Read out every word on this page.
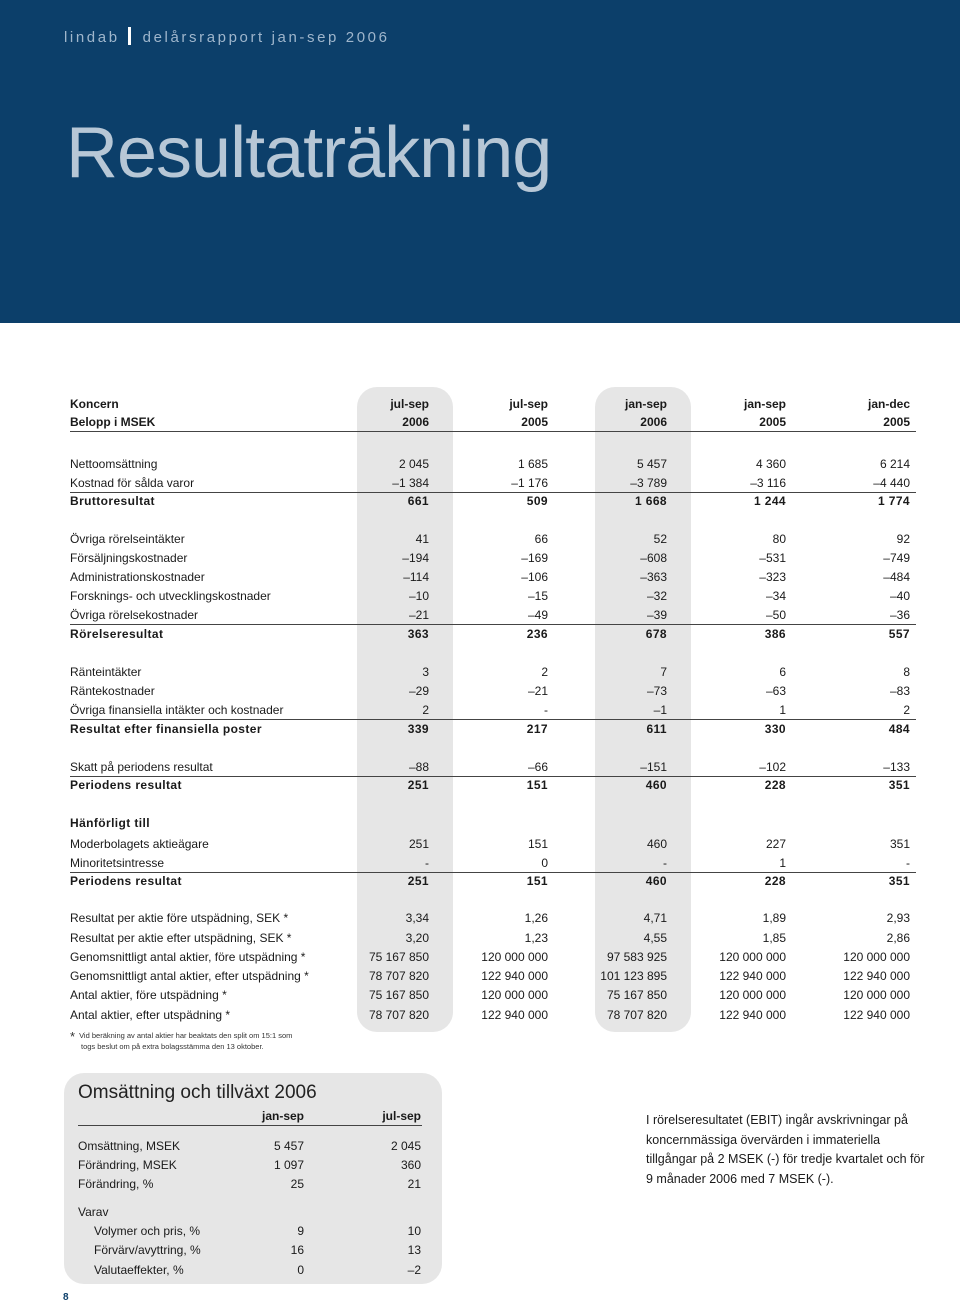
lindab delårsrapport jan-sep 2006
Resultaträkning
Koncern	jul-sep	jul-sep	jan-sep	jan-sep	jan-dec
Belopp i MSEK	2006	2005	2006	2005	2005
Nettoomsättning	2 045	1 685	5 457	4 360	6 214
Kostnad för sålda varor	–1 384	–1 176	–3 789	–3 116	–4 440
Bruttoresultat	661	509	1 668	1 244	1 774
Övriga rörelseintäkter	41	66	52	80	92
Försäljningskostnader	–194	–169	–608	–531	–749
Administrationskostnader	–114	–106	–363	–323	–484
Forsknings- och utvecklingskostnader	–10	–15	–32	–34	–40
Övriga rörelsekostnader	–21	–49	–39	–50	–36
Rörelseresultat	363	236	678	386	557
Ränteintäkter	3	2	7	6	8
Räntekostnader	–29	–21	–73	–63	–83
Övriga finansiella intäkter och kostnader	2	-	–1	1	2
Resultat efter finansiella poster	339	217	611	330	484
Skatt på periodens resultat	–88	–66	–151	–102	–133
Periodens resultat	251	151	460	228	351
Hänförligt till
Moderbolagets aktieägare	251	151	460	227	351
Minoritetsintresse	-	0	-	1	-
Periodens resultat	251	151	460	228	351
Resultat per aktie före utspädning, SEK *	3,34	1,26	4,71	1,89	2,93
Resultat per aktie efter utspädning, SEK *	3,20	1,23	4,55	1,85	2,86
Genomsnittligt antal aktier, före utspädning *	75 167 850	120 000 000	97 583 925	120 000 000	120 000 000
Genomsnittligt antal aktier, efter utspädning *	78 707 820	122 940 000	101 123 895	122 940 000	122 940 000
Antal aktier, före utspädning *	75 167 850	120 000 000	75 167 850	120 000 000	120 000 000
Antal aktier, efter utspädning *	78 707 820	122 940 000	78 707 820	122 940 000	122 940 000
* Vid beräkning av antal aktier har beaktats den split om 15:1 som
togs beslut om på extra bolagsstämma den 13 oktober.
Omsättning och tillväxt 2006
jan-sep	jul-sep
Omsättning, MSEK	5 457	2 045
Förändring, MSEK	1 097	360
Förändring, %	25	21
Varav
Volymer och pris, %	9	10
Förvärv/avyttring, %	16	13
Valutaeffekter, %	0	–2
I rörelseresultatet (EBIT) ingår avskrivningar på koncernmässiga övervärden i immateriella tillgångar på 2 MSEK (-) för tredje kvartalet och för 9 månader 2006 med 7 MSEK (-).
8
